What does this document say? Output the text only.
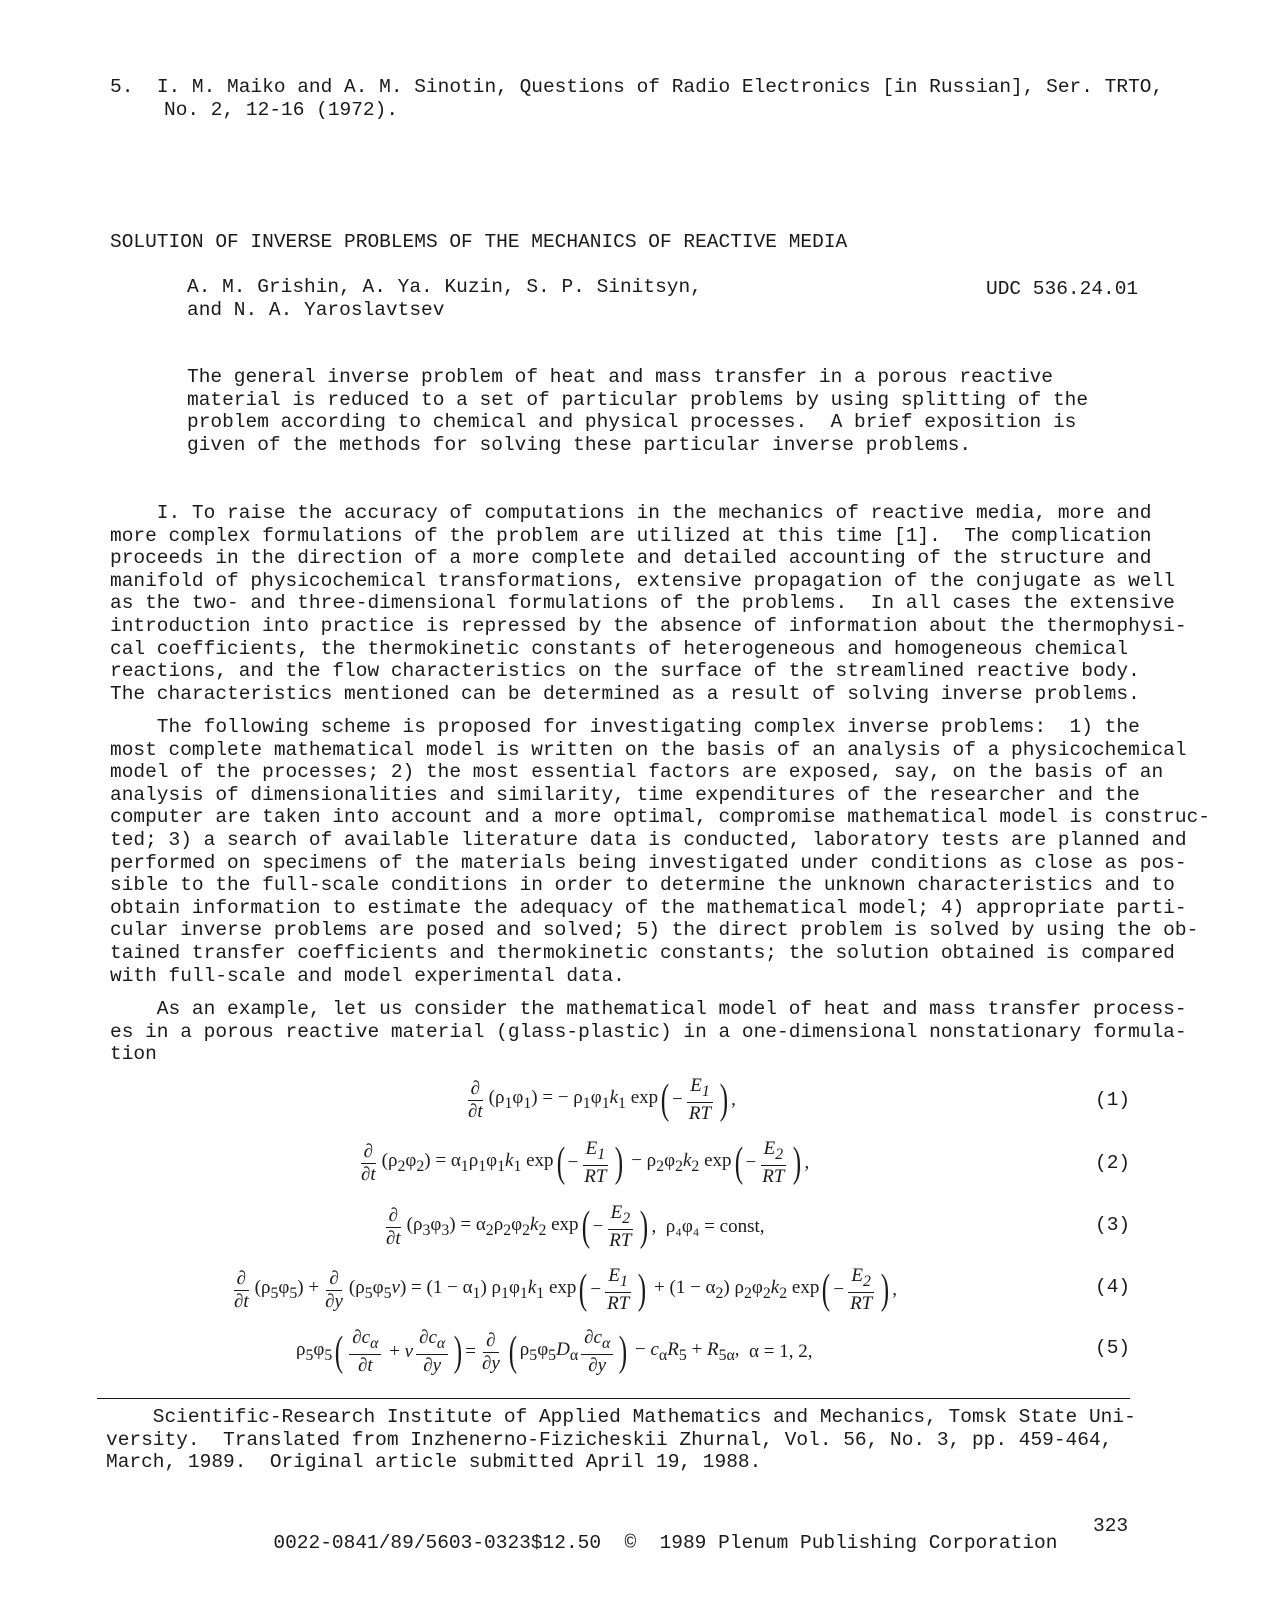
5. I. M. Maiko and A. M. Sinotin, Questions of Radio Electronics [in Russian], Ser. TRTO,
No. 2, 12-16 (1972).
SOLUTION OF INVERSE PROBLEMS OF THE MECHANICS OF REACTIVE MEDIA
A. M. Grishin, A. Ya. Kuzin, S. P. Sinitsyn,
and N. A. Yaroslavtsev
UDC 536.24.01
The general inverse problem of heat and mass transfer in a porous reactive
material is reduced to a set of particular problems by using splitting of the
problem according to chemical and physical processes.  A brief exposition is
given of the methods for solving these particular inverse problems.
I. To raise the accuracy of computations in the mechanics of reactive media, more and
more complex formulations of the problem are utilized at this time [1].  The complication
proceeds in the direction of a more complete and detailed accounting of the structure and
manifold of physicochemical transformations, extensive propagation of the conjugate as well
as the two- and three-dimensional formulations of the problems.  In all cases the extensive
introduction into practice is repressed by the absence of information about the thermophysi-
cal coefficients, the thermokinetic constants of heterogeneous and homogeneous chemical
reactions, and the flow characteristics on the surface of the streamlined reactive body.
The characteristics mentioned can be determined as a result of solving inverse problems.
The following scheme is proposed for investigating complex inverse problems:  1) the
most complete mathematical model is written on the basis of an analysis of a physicochemical
model of the processes; 2) the most essential factors are exposed, say, on the basis of an
analysis of dimensionalities and similarity, time expenditures of the researcher and the
computer are taken into account and a more optimal, compromise mathematical model is construc-
ted; 3) a search of available literature data is conducted, laboratory tests are planned and
performed on specimens of the materials being investigated under conditions as close as pos-
sible to the full-scale conditions in order to determine the unknown characteristics and to
obtain information to estimate the adequacy of the mathematical model; 4) appropriate parti-
cular inverse problems are posed and solved; 5) the direct problem is solved by using the ob-
tained transfer coefficients and thermokinetic constants; the solution obtained is compared
with full-scale and model experimental data.
As an example, let us consider the mathematical model of heat and mass transfer process-
es in a porous reactive material (glass-plastic) in a one-dimensional nonstationary formula-
tion
$\frac{\partial}{\partial t} (\rho_1\varphi_1)$ = − $\rho_1\varphi_1k_1$ exp ( − $\frac{E_1}{RT}$ ) ,	(1)
$\frac{\partial}{\partial t} (\rho_2\varphi_2) = \alpha_1\rho_1\varphi_1k_1$ exp ( − $\frac{E_1}{RT}$ ) − $\rho_2\varphi_2k_2$ exp ( − $\frac{E_2}{RT}$ ) ,	(2)
$\frac{\partial}{\partial t} (\rho_3\varphi_3) = \alpha_2\rho_2\varphi_2k_2$ exp ( − $\frac{E_2}{RT}$ ) , ρ₄φ₄ = const,	(3)
$\frac{\partial}{\partial t} (\rho_5\varphi_5) + \frac{\partial}{\partial y} (\rho_5\varphi_5v) = (1 - \alpha_1)$ $\rho_1\varphi_1k_1$ exp ( − $\frac{E_1}{RT}$ ) + $(1 - \alpha_2)$ $\rho_2\varphi_2k_2$ exp ( − $\frac{E_2}{RT}$ ) ,	(4)
$\rho_5\varphi_5$ ( $\frac{\partial c_\alpha}{\partial t} + v \frac{\partial c_\alpha}{\partial y}$ ) = $\frac{\partial}{\partial y}$ ( $\rho_5\varphi_5D_\alpha \frac{\partial c_\alpha}{\partial y}$ ) − $c_\alpha R_5 + R_{5\alpha}$, α = 1, 2,	(5)
Scientific-Research Institute of Applied Mathematics and Mechanics, Tomsk State Uni-
versity.  Translated from Inzhenerno-Fizicheskii Zhurnal, Vol. 56, No. 3, pp. 459-464,
March, 1989.  Original article submitted April 19, 1988.

0022-0841/89/5603-0323$12.50 ©  1989 Plenum Publishing Corporation

323
